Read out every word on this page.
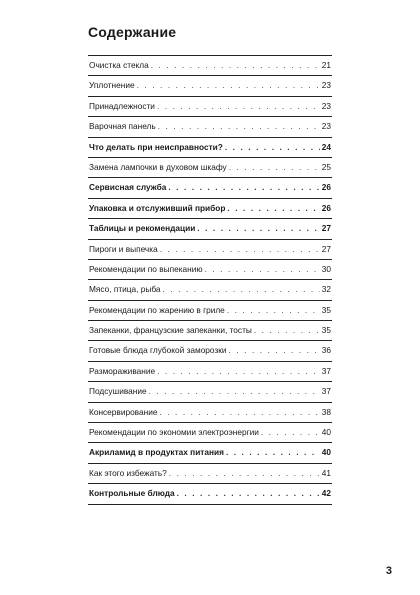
Содержание
Очистка стекла . . .	21
Уплотнение . . .	23
Принадлежности . . .	23
Варочная панель . . .	23
Что делать при неисправности? . . .	24
Замена лампочки в духовом шкафу . . .	25
Сервисная служба . . .	26
Упаковка и отслуживший прибор . . .	26
Таблицы и рекомендации . . .	27
Пироги и выпечка . . .	27
Рекомендации по выпеканию . . .	30
Мясо, птица, рыба . . .	32
Рекомендации по жарению в гриле . . .	35
Запеканки, французские запеканки, тосты . . .	35
Готовые блюда глубокой заморозки . . .	36
Размораживание . . .	37
Подсушивание . . .	37
Консервирование . . .	38
Рекомендации по экономии электроэнергии . . .	40
Акриламид в продуктах питания . . .	40
Как этого избежать? . . .	41
Контрольные блюда . . .	42
3
